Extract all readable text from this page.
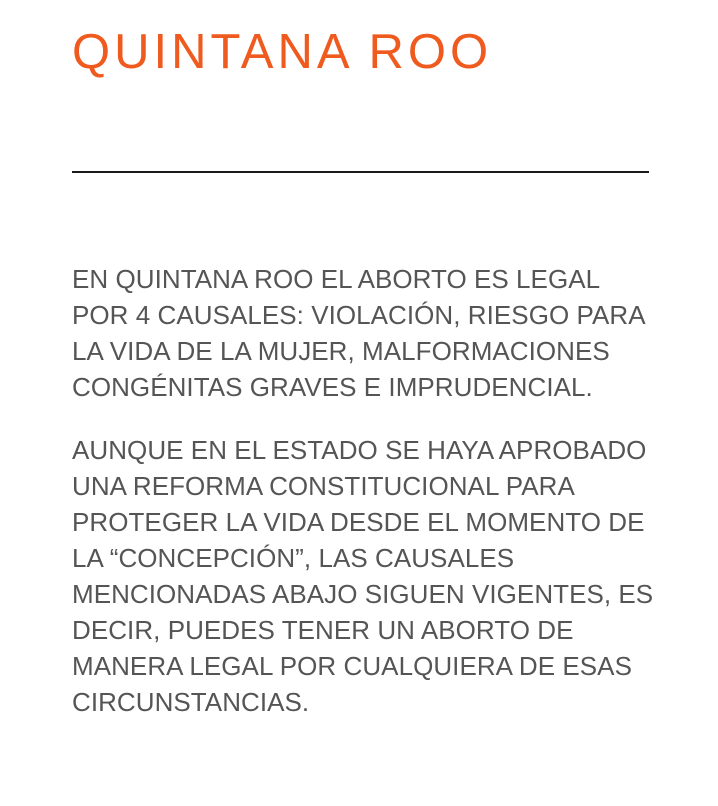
QUINTANA ROO

EN QUINTANA ROO EL ABORTO ES LEGAL
POR 4 CAUSALES: VIOLACIÓN, RIESGO PARA
LA VIDA DE LA MUJER, MALFORMACIONES
CONGÉNITAS GRAVES E IMPRUDENCIAL.

AUNQUE EN EL ESTADO SE HAYA APROBADO
UNA REFORMA CONSTITUCIONAL PARA
PROTEGER LA VIDA DESDE EL MOMENTO DE
LA “CONCEPCIÓN”, LAS CAUSALES
MENCIONADAS ABAJO SIGUEN VIGENTES, ES
DECIR, PUEDES TENER UN ABORTO DE
MANERA LEGAL POR CUALQUIERA DE ESAS
CIRCUNSTANCIAS.
